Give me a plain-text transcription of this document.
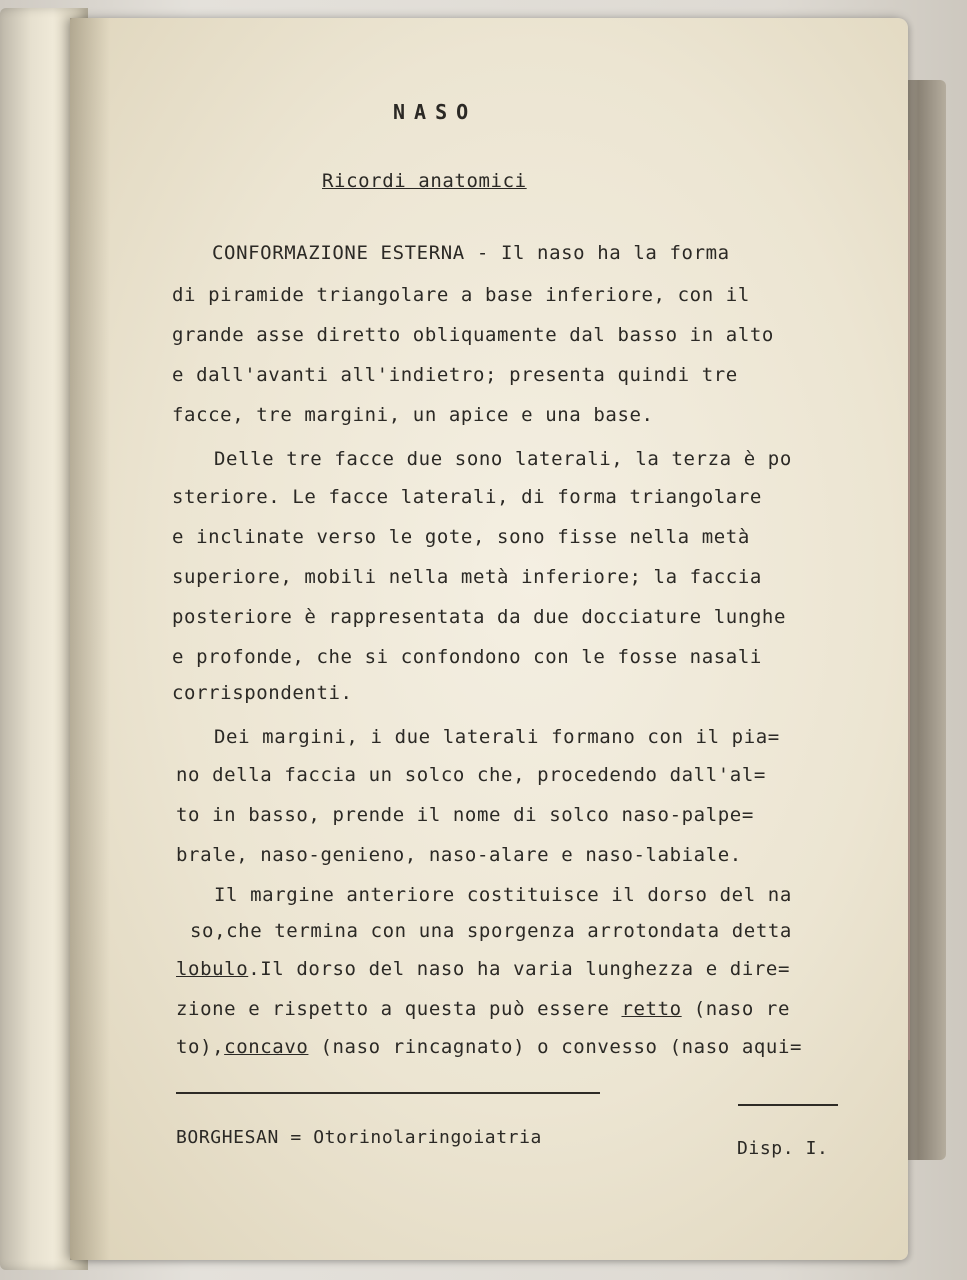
NASO

Ricordi anatomici

CONFORMAZIONE ESTERNA - Il naso ha la forma

di piramide triangolare a base inferiore, con il

grande asse diretto obliquamente dal basso in alto

e dall'avanti all'indietro; presenta quindi tre

facce, tre margini, un apice e una base.

Delle tre facce due sono laterali, la terza è po

steriore. Le facce laterali, di forma triangolare

e inclinate verso le gote, sono fisse nella metà

superiore, mobili nella metà inferiore; la faccia

posteriore è rappresentata da due docciature lunghe

e profonde, che si confondono con le fosse nasali

corrispondenti.

Dei margini, i due laterali formano con il pia=

no della faccia un solco che, procedendo dall'al=

to in basso, prende il nome di solco naso-palpe=

brale, naso-genieno, naso-alare e naso-labiale.

Il margine anteriore costituisce il dorso del na

so,che termina con una sporgenza arrotondata detta

lobulo.Il dorso del naso ha varia lunghezza e dire=

zione e rispetto a questa può essere retto (naso re

to),concavo (naso rincagnato) o convesso (naso aqui=

BORGHESAN = Otorinolaringoiatria

Disp. I.
